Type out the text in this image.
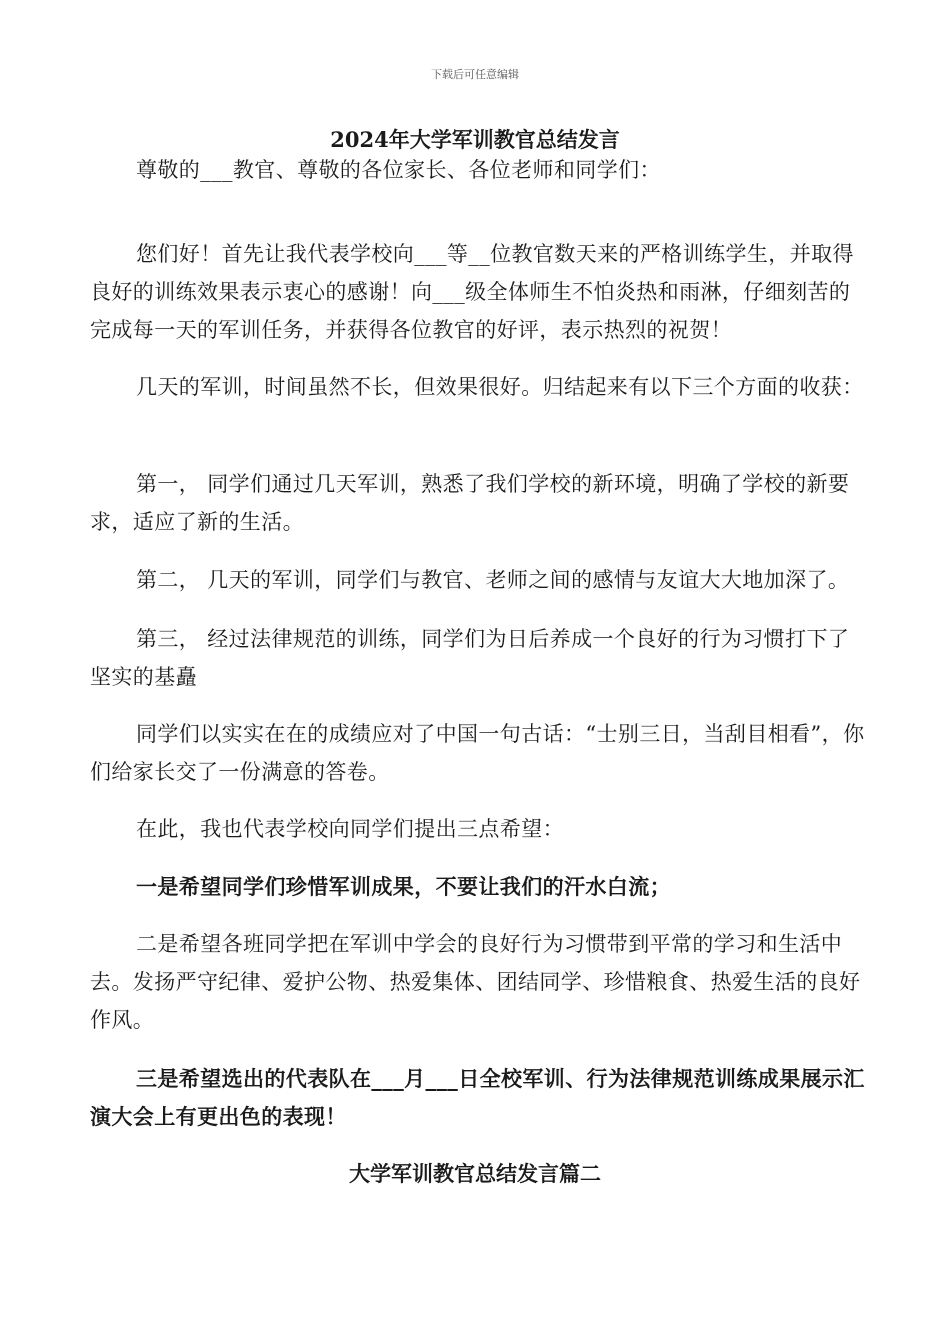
下载后可任意编辑
2024年大学军训教官总结发言

尊敬的___教官、尊敬的各位家长、各位老师和同学们：

您们好！首先让我代表学校向___等__位教官数天来的严格训练学生，并取得良好的训练效果表示衷心的感谢！向___级全体师生不怕炎热和雨淋，仔细刻苦的完成每一天的军训任务，并获得各位教官的好评，表示热烈的祝贺！

几天的军训，时间虽然不长，但效果很好。归结起来有以下三个方面的收获：

第一， 同学们通过几天军训，熟悉了我们学校的新环境，明确了学校的新要求，适应了新的生活。

第二， 几天的军训，同学们与教官、老师之间的感情与友谊大大地加深了。

第三， 经过法律规范的训练，同学们为日后养成一个良好的行为习惯打下了坚实的基矗

同学们以实实在在的成绩应对了中国一句古话：“士别三日，当刮目相看”，你们给家长交了一份满意的答卷。

在此，我也代表学校向同学们提出三点希望：

一是希望同学们珍惜军训成果，不要让我们的汗水白流；

二是希望各班同学把在军训中学会的良好行为习惯带到平常的学习和生活中去。发扬严守纪律、爱护公物、热爱集体、团结同学、珍惜粮食、热爱生活的良好作风。

三是希望选出的代表队在___月___日全校军训、行为法律规范训练成果展示汇演大会上有更出色的表现！

大学军训教官总结发言篇二
